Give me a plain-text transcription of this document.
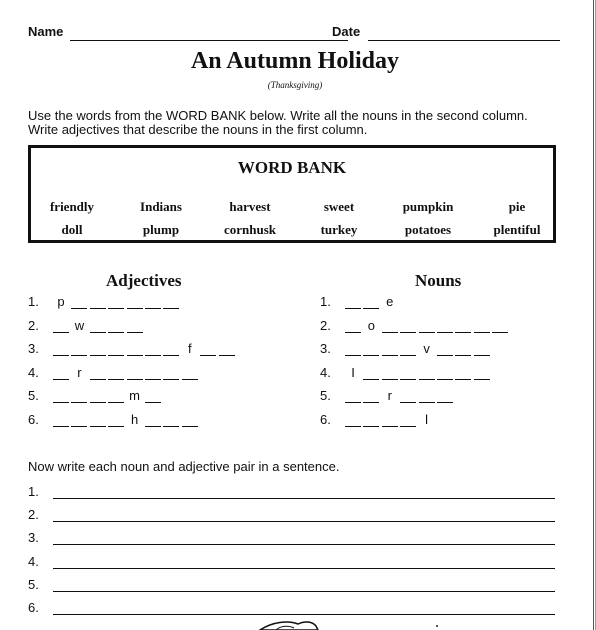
Name	Date
An Autumn Holiday
(Thanksgiving)
Use the words from the WORD BANK below. Write all the nouns in the second column.
Write adjectives that describe the nouns in the first column.
WORD BANK
friendly	Indians	harvest	sweet	pumpkin	pie
doll	plump	cornhusk	turkey	potatoes	plentiful
Adjectives	Nouns
1.	p
2.	w
3.	f
4.	r
5.	m
6.	h
1.	e
2.	o
3.	v
4.	I
5.	r
6.	l
Now write each noun and adjective pair in a sentence.
1.
2.
3.
4.
5.
6.
